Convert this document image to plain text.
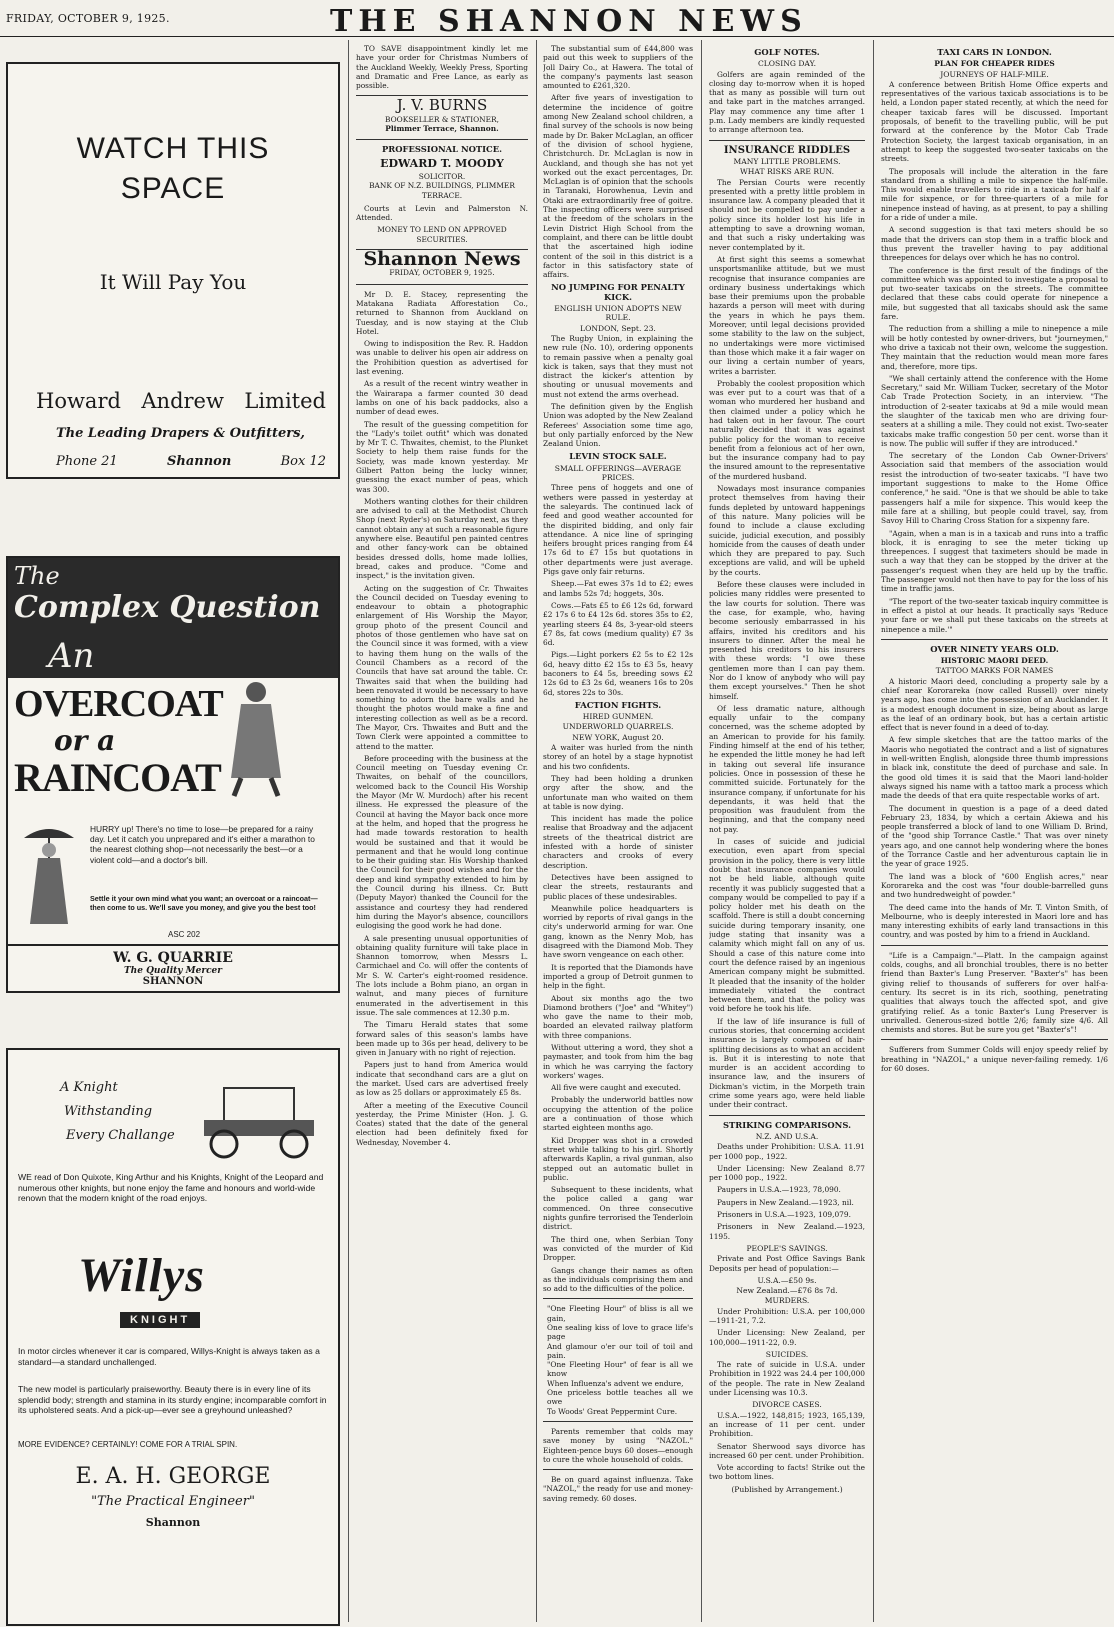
FRIDAY, OCTOBER 9, 1925.	THE SHANNON NEWS
WATCH THIS
SPACE
It Will Pay You
Howard Andrew Limited
The Leading Drapers & Outfitters,
Phone 21	Shannon	Box 12
The
Complex Question
An
OVERCOAT
or a
RAINCOAT
HURRY up! There's no time to lose—be prepared for a rainy day. Let it catch you unprepared and it's either a marathon to the nearest clothing shop—not necessarily the best—or a violent cold—and a doctor's bill.
Settle it your own mind what you want; an overcoat or a raincoat—then come to us. We'll save you money, and give you the best too!
ASC 202
W. G. QUARRIE
The Quality Mercer
SHANNON
A Knight
Withstanding
Every Challange
WE read of Don Quixote, King Arthur and his Knights, Knight of the Leopard and numerous other knights, but none enjoy the fame and honours and world-wide renown that the modern knight of the road enjoys.
Willys
KNIGHT
In motor circles whenever it car is compared, Willys-Knight is always taken as a standard—a standard unchallenged.
The new model is particularly praiseworthy. Beauty there is in every line of its splendid body; strength and stamina in its sturdy engine; incomparable comfort in its upholstered seats. And a pick-up—ever see a greyhound unleashed?
MORE EVIDENCE? CERTAINLY! COME FOR A TRIAL SPIN.
E. A. H. GEORGE
"The Practical Engineer"
Shannon

TO SAVE disappointment kindly let me have your order for Christmas Numbers of the Auckland Weekly, Weekly Press, Sporting and Dramatic and Free Lance, as early as possible.

J. V. BURNS
BOOKSELLER & STATIONER,
Plimmer Terrace, Shannon.
PROFESSIONAL NOTICE.
EDWARD T. MOODY
SOLICITOR.
BANK OF N.Z. BUILDINGS, PLIMMER TERRACE.

Courts at Levin and Palmerston N. Attended.

MONEY TO LEND ON APPROVED SECURITIES.
Shannon News
FRIDAY, OCTOBER 9, 1925.

Mr D. E. Stacey, representing the Matakana Radiata Afforestation Co., returned to Shannon from Auckland on Tuesday, and is now staying at the Club Hotel.

Owing to indisposition the Rev. R. Haddon was unable to deliver his open air address on the Prohibition question as advertised for last evening.

As a result of the recent wintry weather in the Wairarapa a farmer counted 30 dead lambs on one of his back paddocks, also a number of dead ewes.

The result of the guessing competition for the "Lady's toilet outfit" which was donated by Mr T. C. Thwaites, chemist, to the Plunket Society to help them raise funds for the Society, was made known yesterday. Mr Gilbert Patton being the lucky winner, guessing the exact number of peas, which was 300.

Mothers wanting clothes for their children are advised to call at the Methodist Church Shop (next Ryder's) on Saturday next, as they cannot obtain any at such a reasonable figure anywhere else. Beautiful pen painted centres and other fancy-work can be obtained besides dressed dolls, home made lollies, bread, cakes and produce. "Come and inspect," is the invitation given.

Acting on the suggestion of Cr. Thwaites the Council decided on Tuesday evening to endeavour to obtain a photographic enlargement of His Worship the Mayor, group photo of the present Council and photos of those gentlemen who have sat on the Council since it was formed, with a view to having them hung on the walls of the Council Chambers as a record of the Councils that have sat around the table. Cr. Thwaites said that when the building had been renovated it would be necessary to have something to adorn the bare walls and he thought the photos would make a fine and interesting collection as well as be a record. The Mayor, Crs. Thwaites and Butt and the Town Clerk were appointed a committee to attend to the matter.

Before proceeding with the business at the Council meeting on Tuesday evening Cr. Thwaites, on behalf of the councillors, welcomed back to the Council His Worship the Mayor (Mr W. Murdoch) after his recent illness. He expressed the pleasure of the Council at having the Mayor back once more at the helm, and hoped that the progress he had made towards restoration to health would be sustained and that it would be permanent and that he would long continue to be their guiding star. His Worship thanked the Council for their good wishes and for the deep and kind sympathy extended to him by the Council during his illness. Cr. Butt (Deputy Mayor) thanked the Council for the assistance and courtesy they had rendered him during the Mayor's absence, councillors eulogising the good work he had done.

A sale presenting unusual opportunities of obtaining quality furniture will take place in Shannon tomorrow, when Messrs L. Carmichael and Co. will offer the contents of Mr S. W. Carter's eight-roomed residence. The lots include a Bohm piano, an organ in walnut, and many pieces of furniture enumerated in the advertisement in this issue. The sale commences at 12.30 p.m.

The Timaru Herald states that some forward sales of this season's lambs have been made up to 36s per head, delivery to be given in January with no right of rejection.

Papers just to hand from America would indicate that secondhand cars are a glut on the market. Used cars are advertised freely as low as 25 dollars or approximately £5 8s.

After a meeting of the Executive Council yesterday, the Prime Minister (Hon. J. G. Coates) stated that the date of the general election had been definitely fixed for Wednesday, November 4.

The substantial sum of £44,800 was paid out this week to suppliers of the Joll Dairy Co., at Hawera. The total of the company's payments last season amounted to £261,320.

After five years of investigation to determine the incidence of goitre among New Zealand school children, a final survey of the schools is now being made by Dr. Baker McLaglan, an officer of the division of school hygiene, Christchurch. Dr. McLaglan is now in Auckland, and though she has not yet worked out the exact percentages, Dr. McLaglan is of opinion that the schools in Taranaki, Horowhenua, Levin and Otaki are extraordinarily free of goitre. The inspecting officers were surprised at the freedom of the scholars in the Levin District High School from the complaint, and there can be little doubt that the ascertained high iodine content of the soil in this district is a factor in this satisfactory state of affairs.

NO JUMPING FOR PENALTY KICK.
ENGLISH UNION ADOPTS NEW RULE.
LONDON, Sept. 23.

The Rugby Union, in explaining the new rule (No. 10), ordering opponents to remain passive when a penalty goal kick is taken, says that they must not distract the kicker's attention by shouting or unusual movements and must not extend the arms overhead.

The definition given by the English Union was adopted by the New Zealand Referees' Association some time ago, but only partially enforced by the New Zealand Union.

LEVIN STOCK SALE.
SMALL OFFERINGS—AVERAGE PRICES.

Three pens of hoggets and one of wethers were passed in yesterday at the saleyards. The continued lack of feed and good weather accounted for the dispirited bidding, and only fair attendance. A nice line of springing heifers brought prices ranging from £4 17s 6d to £7 15s but quotations in other departments were just average. Pigs gave only fair returns.

Sheep.—Fat ewes 37s 1d to £2; ewes and lambs 52s 7d; hoggets, 30s.

Cows.—Fats £5 to £6 12s 6d, forward £2 17s 6 to £4 12s 6d. stores 35s to £2, yearling steers £4 8s, 3-year-old steers £7 8s, fat cows (medium quality) £7 3s 6d.

Pigs.—Light porkers £2 5s to £2 12s 6d, heavy ditto £2 15s to £3 5s, heavy baconers to £4 5s, breeding sows £2 12s 6d to £3 2s 6d, weaners 16s to 20s 6d, stores 22s to 30s.

FACTION FIGHTS.
HIRED GUNMEN.
UNDERWORLD QUARRELS.
NEW YORK, August 20.

A waiter was hurled from the ninth storey of an hotel by a stage hypnotist and his two confidents.

They had been holding a drunken orgy after the show, and the unfortunate man who waited on them at table is now dying.

This incident has made the police realise that Broadway and the adjacent streets of the theatrical district are infested with a horde of sinister characters and crooks of every description.

Detectives have been assigned to clear the streets, restaurants and public places of these undesirables.

Meanwhile police headquarters is worried by reports of rival gangs in the city's underworld arming for war. One gang, known as the Nenry Mob, has disagreed with the Diamond Mob. They have sworn vengeance on each other.

It is reported that the Diamonds have imported a group of Detroit gunmen to help in the fight.

About six months ago the two Diamond brothers ("Joe" and "Whitey") who gave the name to their mob, boarded an elevated railway platform with three companions.

Without uttering a word, they shot a paymaster, and took from him the bag in which he was carrying the factory workers' wages.

All five were caught and executed.

Probably the underworld battles now occupying the attention of the police are a continuation of those which started eighteen months ago.

Kid Dropper was shot in a crowded street while talking to his girl. Shortly afterwards Kaplin, a rival gunman, also stepped out an automatic bullet in public.

Subsequent to these incidents, what the police called a gang war commenced. On three consecutive nights gunfire terrorised the Tenderloin district.

The third one, when Serbian Tony was convicted of the murder of Kid Dropper.

Gangs change their names as often as the individuals comprising them and so add to the difficulties of the police.

"One Fleeting Hour" of bliss is all we gain,
One sealing kiss of love to grace life's page
And glamour o'er our toil of toil and pain.
"One Fleeting Hour" of fear is all we know
When Influenza's advent we endure,
One priceless bottle teaches all we owe
To Woods' Great Peppermint Cure.

Parents remember that colds may save money by using "NAZOL." Eighteen-pence buys 60 doses—enough to cure the whole household of colds.

Be on guard against influenza. Take "NAZOL," the ready for use and money-saving remedy. 60 doses.

GOLF NOTES.
CLOSING DAY.

Golfers are again reminded of the closing day to-morrow when it is hoped that as many as possible will turn out and take part in the matches arranged. Play may commence any time after 1 p.m. Lady members are kindly requested to arrange afternoon tea.

INSURANCE RIDDLES
MANY LITTLE PROBLEMS.
WHAT RISKS ARE RUN.

The Persian Courts were recently presented with a pretty little problem in insurance law. A company pleaded that it should not be compelled to pay under a policy since its holder lost his life in attempting to save a drowning woman, and that such a risky undertaking was never contemplated by it.

At first sight this seems a somewhat unsportsmanlike attitude, but we must recognise that insurance companies are ordinary business undertakings which base their premiums upon the probable hazards a person will meet with during the years in which he pays them. Moreover, until legal decisions provided some stability to the law on the subject, no undertakings were more victimised than those which make it a fair wager on our living a certain number of years, writes a barrister.

Probably the coolest proposition which was ever put to a court was that of a woman who murdered her husband and then claimed under a policy which he had taken out in her favour. The court naturally decided that it was against public policy for the woman to receive benefit from a felonious act of her own, but the insurance company had to pay the insured amount to the representative of the murdered husband.

Nowadays most insurance companies protect themselves from having their funds depleted by untoward happenings of this nature. Many policies will be found to include a clause excluding suicide, judicial execution, and possibly homicide from the causes of death under which they are prepared to pay. Such exceptions are valid, and will be upheld by the courts.

Before these clauses were included in policies many riddles were presented to the law courts for solution. There was the case, for example, who, having become seriously embarrassed in his affairs, invited his creditors and his insurers to dinner. After the meal he presented his creditors to his insurers with these words: "I owe these gentlemen more than I can pay them. Nor do I know of anybody who will pay them except yourselves." Then he shot himself.

Of less dramatic nature, although equally unfair to the company concerned, was the scheme adopted by an American to provide for his family. Finding himself at the end of his tether, he expended the little money he had left in taking out several life insurance policies. Once in possession of these he committed suicide. Fortunately for the insurance company, if unfortunate for his dependants, it was held that the proposition was fraudulent from the beginning, and that the company need not pay.

In cases of suicide and judicial execution, even apart from special provision in the policy, there is very little doubt that insurance companies would not be held liable, although quite recently it was publicly suggested that a company would be compelled to pay if a policy holder met his death on the scaffold. There is still a doubt concerning suicide during temporary insanity, one judge stating that insanity was a calamity which might fall on any of us. Should a case of this nature come into court the defence raised by an ingenious American company might be submitted. It pleaded that the insanity of the holder immediately vitiated the contract between them, and that the policy was void before he took his life.

If the law of life insurance is full of curious stories, that concerning accident insurance is largely composed of hair-splitting decisions as to what an accident is. But it is interesting to note that murder is an accident according to insurance law, and the insurers of Dickman's victim, in the Morpeth train crime some years ago, were held liable under their contract.

STRIKING COMPARISONS.
N.Z. AND U.S.A.

Deaths under Prohibition: U.S.A. 11.91 per 1000 pop., 1922.

Under Licensing: New Zealand 8.77 per 1000 pop., 1922.

Paupers in U.S.A.—1923, 78,090.

Paupers in New Zealand.—1923, nil.

Prisoners in U.S.A.—1923, 109,079.

Prisoners in New Zealand.—1923, 1195.

PEOPLE'S SAVINGS.

Private and Post Office Savings Bank Deposits per head of population:—

U.S.A.—£50 9s.
New Zealand.—£76 8s 7d.
MURDERS.

Under Prohibition: U.S.A. per 100,000—1911-21, 7.2.

Under Licensing: New Zealand, per 100,000—1911-22, 0.9.

SUICIDES.

The rate of suicide in U.S.A. under Prohibition in 1922 was 24.4 per 100,000 of the people. The rate in New Zealand under Licensing was 10.3.

DIVORCE CASES.

U.S.A.—1922, 148,815; 1923, 165,139, an increase of 11 per cent. under Prohibition.

Senator Sherwood says divorce has increased 60 per cent. under Prohibition.

Vote according to facts! Strike out the two bottom lines.

(Published by Arrangement.)
TAXI CARS IN LONDON.
PLAN FOR CHEAPER RIDES
JOURNEYS OF HALF-MILE.

A conference between British Home Office experts and representatives of the various taxicab associations is to be held, a London paper stated recently, at which the need for cheaper taxicab fares will be discussed. Important proposals, of benefit to the travelling public, will be put forward at the conference by the Motor Cab Trade Protection Society, the largest taxicab organisation, in an attempt to keep the suggested two-seater taxicabs on the streets.

The proposals will include the alteration in the fare standard from a shilling a mile to sixpence the half-mile. This would enable travellers to ride in a taxicab for half a mile for sixpence, or for three-quarters of a mile for ninepence instead of having, as at present, to pay a shilling for a ride of under a mile.

A second suggestion is that taxi meters should be so made that the drivers can stop them in a traffic block and thus prevent the traveller having to pay additional threepences for delays over which he has no control.

The conference is the first result of the findings of the committee which was appointed to investigate a proposal to put two-seater taxicabs on the streets. The committee declared that these cabs could operate for ninepence a mile, but suggested that all taxicabs should ask the same fare.

The reduction from a shilling a mile to ninepence a mile will be hotly contested by owner-drivers, but "journeymen," who drive a taxicab not their own, welcome the suggestion. They maintain that the reduction would mean more fares and, therefore, more tips.

"We shall certainly attend the conference with the Home Secretary," said Mr. William Tucker, secretary of the Motor Cab Trade Protection Society, in an interview. "The introduction of 2-seater taxicabs at 9d a mile would mean the slaughter of the taxicab men who are driving four-seaters at a shilling a mile. They could not exist. Two-seater taxicabs make traffic congestion 50 per cent. worse than it is now. The public will suffer if they are introduced."

The secretary of the London Cab Owner-Drivers' Association said that members of the association would resist the introduction of two-seater taxicabs. "I have two important suggestions to make to the Home Office conference," he said. "One is that we should be able to take passengers half a mile for sixpence. This would keep the mile fare at a shilling, but people could travel, say, from Savoy Hill to Charing Cross Station for a sixpenny fare.

"Again, when a man is in a taxicab and runs into a traffic block, it is enraging to see the meter ticking up threepences. I suggest that taximeters should be made in such a way that they can be stopped by the driver at the passenger's request when they are held up by the traffic. The passenger would not then have to pay for the loss of his time in traffic jams.

"The report of the two-seater taxicab inquiry committee is in effect a pistol at our heads. It practically says 'Reduce your fare or we shall put these taxicabs on the streets at ninepence a mile.'"

OVER NINETY YEARS OLD.
HISTORIC MAORI DEED.
TATTOO MARKS FOR NAMES

A historic Maori deed, concluding a property sale by a chief near Kororareka (now called Russell) over ninety years ago, has come into the possession of an Aucklander. It is a modest enough document in size, being about as large as the leaf of an ordinary book, but has a certain artistic effect that is never found in a deed of to-day.

A few simple sketches that are the tattoo marks of the Maoris who negotiated the contract and a list of signatures in well-written English, alongside three thumb impressions in black ink, constitute the deed of purchase and sale. In the good old times it is said that the Maori land-holder always signed his name with a tattoo mark a process which made the deeds of that era quite respectable works of art.

The document in question is a page of a deed dated February 23, 1834, by which a certain Akiewa and his people transferred a block of land to one William D. Brind, of the "good ship Torrance Castle." That was over ninety years ago, and one cannot help wondering where the bones of the Torrance Castle and her adventurous captain lie in the year of grace 1925.

The land was a block of "600 English acres," near Kororareka and the cost was "four double-barrelled guns and two hundredweight of powder."

The deed came into the hands of Mr. T. Vinton Smith, of Melbourne, who is deeply interested in Maori lore and has many interesting exhibits of early land transactions in this country, and was posted by him to a friend in Auckland.

"Life is a Campaign."—Platt. In the campaign against colds, coughs, and all bronchial troubles, there is no better friend than Baxter's Lung Preserver. "Baxter's" has been giving relief to thousands of sufferers for over half-a-century. Its secret is in its rich, soothing, penetrating qualities that always touch the affected spot, and give gratifying relief. As a tonic Baxter's Lung Preserver is unrivalled. Generous-sized bottle 2/6; family size 4/6. All chemists and stores. But be sure you get "Baxter's"!

Sufferers from Summer Colds will enjoy speedy relief by breathing in "NAZOL," a unique never-failing remedy. 1/6 for 60 doses.
